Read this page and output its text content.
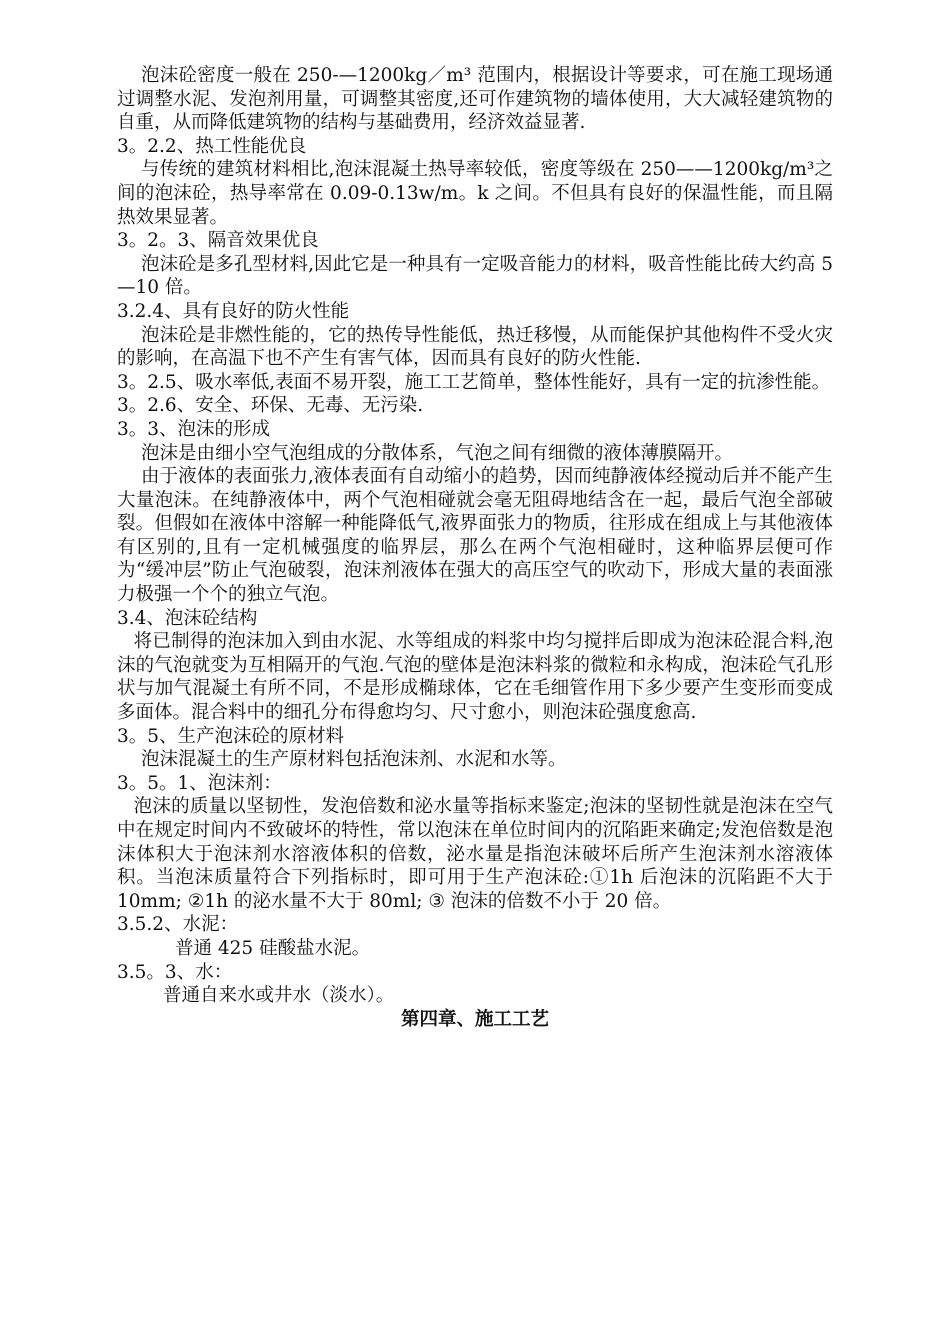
泡沫砼密度一般在 250-—1200kg／m³ 范围内，根据设计等要求，可在施工现场通过调整水泥、发泡剂用量，可调整其密度,还可作建筑物的墙体使用，大大减轻建筑物的自重，从而降低建筑物的结构与基础费用，经济效益显著.

3。2.2、热工性能优良

与传统的建筑材料相比,泡沫混凝土热导率较低，密度等级在 250——1200kg/m³之间的泡沫砼，热导率常在 0.09-0.13w/m。k 之间。不但具有良好的保温性能，而且隔热效果显著。

3。2。3、隔音效果优良

泡沫砼是多孔型材料,因此它是一种具有一定吸音能力的材料，吸音性能比砖大约高 5—10 倍。

3.2.4、具有良好的防火性能

泡沫砼是非燃性能的，它的热传导性能低，热迁移慢，从而能保护其他构件不受火灾的影响，在高温下也不产生有害气体，因而具有良好的防火性能.

3。2.5、吸水率低,表面不易开裂，施工工艺简单，整体性能好，具有一定的抗渗性能。

3。2.6、安全、环保、无毒、无污染.

3。3、泡沫的形成

泡沫是由细小空气泡组成的分散体系，气泡之间有细微的液体薄膜隔开。

由于液体的表面张力,液体表面有自动缩小的趋势，因而纯静液体经搅动后并不能产生大量泡沫。在纯静液体中，两个气泡相碰就会毫无阻碍地结含在一起，最后气泡全部破裂。但假如在液体中溶解一种能降低气,液界面张力的物质，往形成在组成上与其他液体有区别的,且有一定机械强度的临界层，那么在两个气泡相碰时，这种临界层便可作为“缓冲层”防止气泡破裂，泡沫剂液体在强大的高压空气的吹动下，形成大量的表面涨力极强一个个的独立气泡。

3.4、泡沫砼结构

将已制得的泡沫加入到由水泥、水等组成的料浆中均匀搅拌后即成为泡沫砼混合料,泡沫的气泡就变为互相隔开的气泡.气泡的壁体是泡沫料浆的微粒和永构成，泡沫砼气孔形状与加气混凝土有所不同，不是形成椭球体，它在毛细管作用下多少要产生变形而变成多面体。混合料中的细孔分布得愈均匀、尺寸愈小，则泡沫砼强度愈高.

3。5、生产泡沫砼的原材料

泡沫混凝土的生产原材料包括泡沫剂、水泥和水等。

3。5。1、泡沫剂：

泡沫的质量以坚韧性，发泡倍数和泌水量等指标来鉴定;泡沫的坚韧性就是泡沫在空气中在规定时间内不致破坏的特性，常以泡沫在单位时间内的沉陷距来确定;发泡倍数是泡沫体积大于泡沫剂水溶液体积的倍数，泌水量是指泡沫破坏后所产生泡沫剂水溶液体积。当泡沫质量符合下列指标时，即可用于生产泡沫砼:①1h 后泡沫的沉陷距不大于 10mm; ②1h 的泌水量不大于 80ml; ③ 泡沫的倍数不小于 20 倍。

3.5.2、水泥：

普通 425 硅酸盐水泥。

3.5。3、水：

普通自来水或井水（淡水）。

第四章、施工工艺
